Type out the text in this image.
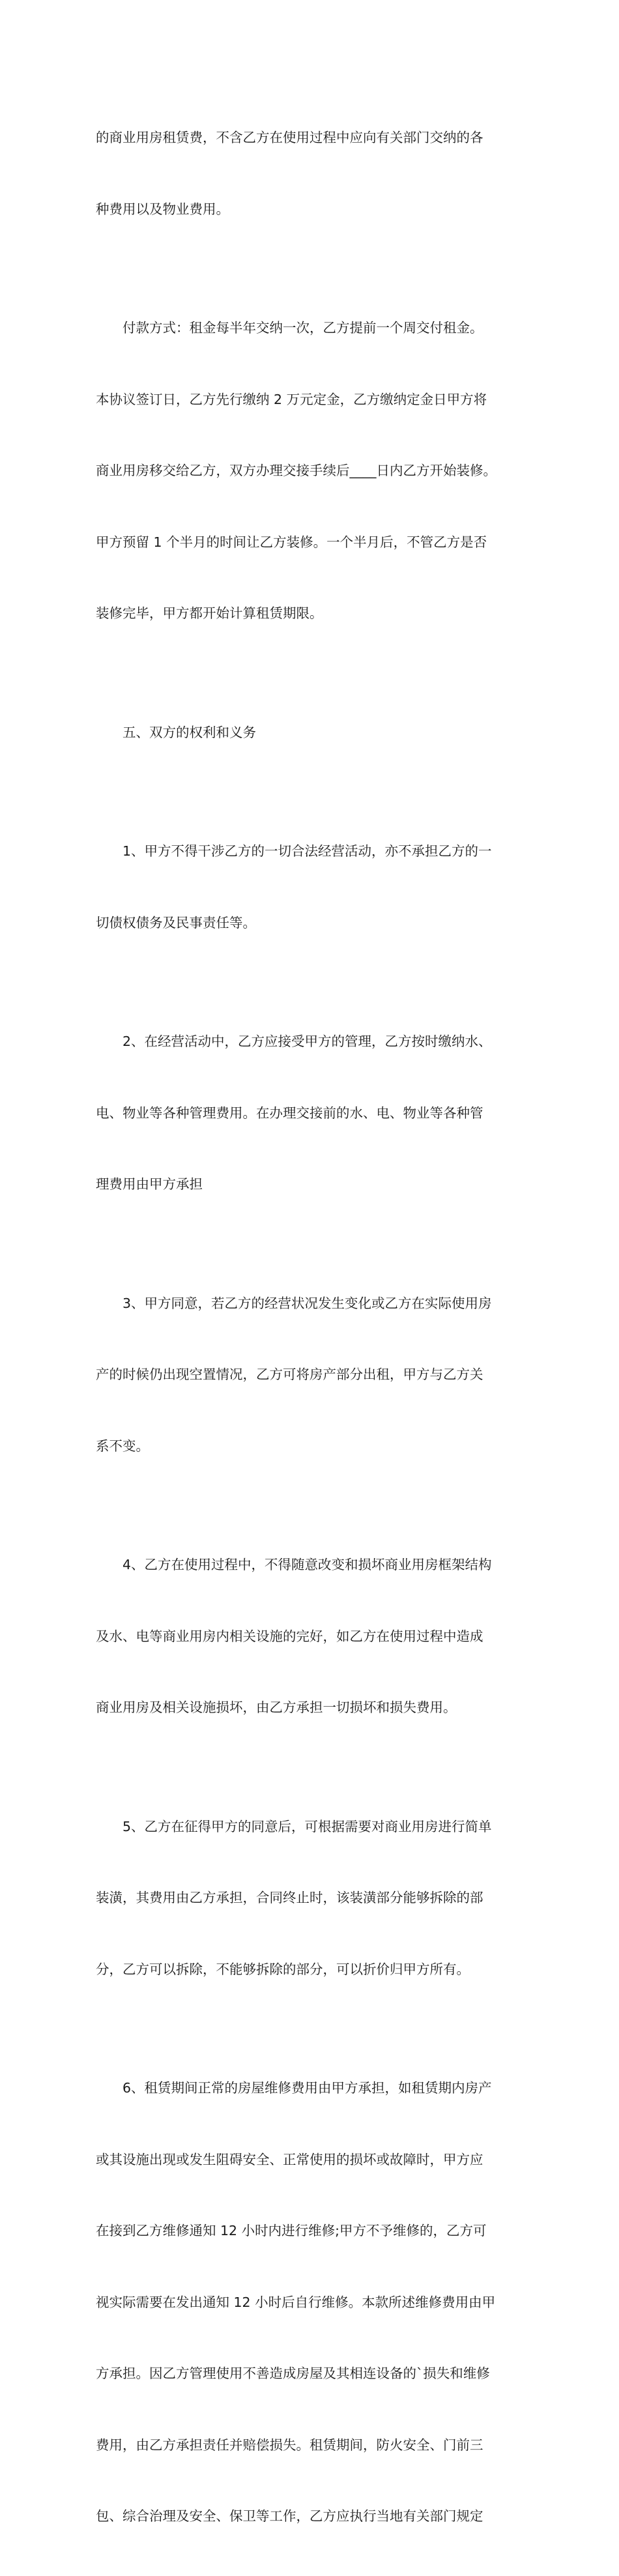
的商业用房租赁费，不含乙方在使用过程中应向有关部门交纳的各

种费用以及物业费用。

　　付款方式：租金每半年交纳一次，乙方提前一个周交付租金。

本协议签订日，乙方先行缴纳 2 万元定金，乙方缴纳定金日甲方将

商业用房移交给乙方，双方办理交接手续后____日内乙方开始装修。

甲方预留 1 个半月的时间让乙方装修。一个半月后，不管乙方是否

装修完毕，甲方都开始计算租赁期限。

　　五、双方的权利和义务

　　1、甲方不得干涉乙方的一切合法经营活动，亦不承担乙方的一

切债权债务及民事责任等。

　　2、在经营活动中，乙方应接受甲方的管理，乙方按时缴纳水、

电、物业等各种管理费用。在办理交接前的水、电、物业等各种管

理费用由甲方承担

　　3、甲方同意，若乙方的经营状况发生变化或乙方在实际使用房

产的时候仍出现空置情况，乙方可将房产部分出租，甲方与乙方关

系不变。

　　4、乙方在使用过程中，不得随意改变和损坏商业用房框架结构

及水、电等商业用房内相关设施的完好，如乙方在使用过程中造成

商业用房及相关设施损坏，由乙方承担一切损坏和损失费用。

　　5、乙方在征得甲方的同意后，可根据需要对商业用房进行简单

装潢，其费用由乙方承担，合同终止时，该装潢部分能够拆除的部

分，乙方可以拆除，不能够拆除的部分，可以折价归甲方所有。

　　6、租赁期间正常的房屋维修费用由甲方承担，如租赁期内房产

或其设施出现或发生阻碍安全、正常使用的损坏或故障时，甲方应

在接到乙方维修通知 12 小时内进行维修;甲方不予维修的，乙方可

视实际需要在发出通知 12 小时后自行维修。本款所述维修费用由甲

方承担。因乙方管理使用不善造成房屋及其相连设备的`损失和维修

费用，由乙方承担责任并赔偿损失。租赁期间，防火安全、门前三

包、综合治理及安全、保卫等工作，乙方应执行当地有关部门规定
